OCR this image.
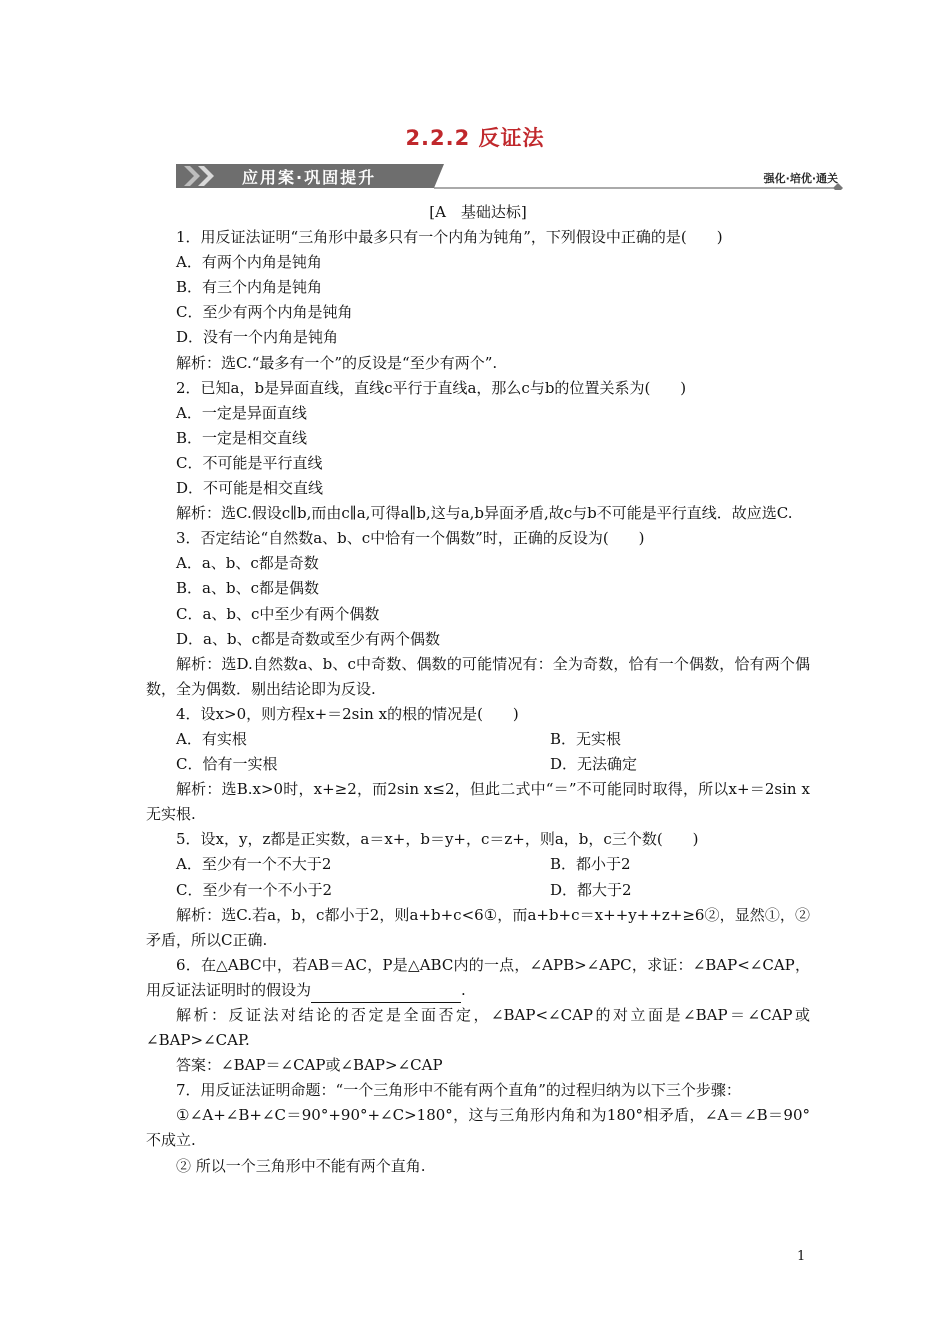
2.2.2 反证法
应用案·巩固提升	强化·培优·通关
[A　基础达标]
1．用反证法证明“三角形中最多只有一个内角为钝角”，下列假设中正确的是(　　)
A．有两个内角是钝角
B．有三个内角是钝角
C．至少有两个内角是钝角
D．没有一个内角是钝角
解析：选C.“最多有一个”的反设是“至少有两个”.
2．已知a，b是异面直线，直线c平行于直线a，那么c与b的位置关系为(　　)
A．一定是异面直线
B．一定是相交直线
C．不可能是平行直线
D．不可能是相交直线
解析：选C.假设c∥b,而由c∥a,可得a∥b,这与a,b异面矛盾,故c与b不可能是平行直线．故应选C.
3．否定结论“自然数a、b、c中恰有一个偶数”时，正确的反设为(　　)
A．a、b、c都是奇数
B．a、b、c都是偶数
C．a、b、c中至少有两个偶数
D．a、b、c都是奇数或至少有两个偶数
解析：选D.自然数a、b、c中奇数、偶数的可能情况有：全为奇数，恰有一个偶数，恰有两个偶数，全为偶数．剔出结论即为反设.
4．设x>0，则方程x+＝2sin x的根的情况是(　　)
A．有实根	B．无实根
C．恰有一实根	D．无法确定
解析：选B.x>0时，x+≥2，而2sin x≤2，但此二式中“＝”不可能同时取得，所以x+＝2sin x无实根.
5．设x，y，z都是正实数，a＝x+，b＝y+，c＝z+，则a，b，c三个数(　　)
A．至少有一个不大于2	B．都小于2
C．至少有一个不小于2	D．都大于2
解析：选C.若a，b，c都小于2，则a+b+c<6①，而a+b+c＝x++y++z+≥6②，显然①，②矛盾，所以C正确.
6．在△ABC中，若AB＝AC，P是△ABC内的一点，∠APB>∠APC，求证：∠BAP<∠CAP，用反证法证明时的假设为	.
解析：反证法对结论的否定是全面否定，∠BAP<∠CAP的对立面是∠BAP＝∠CAP或∠BAP>∠CAP.
答案：∠BAP＝∠CAP或∠BAP>∠CAP
7．用反证法证明命题：“一个三角形中不能有两个直角”的过程归纳为以下三个步骤：
①∠A+∠B+∠C＝90°+90°+∠C>180°，这与三角形内角和为180°相矛盾，∠A＝∠B＝90°不成立.
② 所以一个三角形中不能有两个直角.
1
